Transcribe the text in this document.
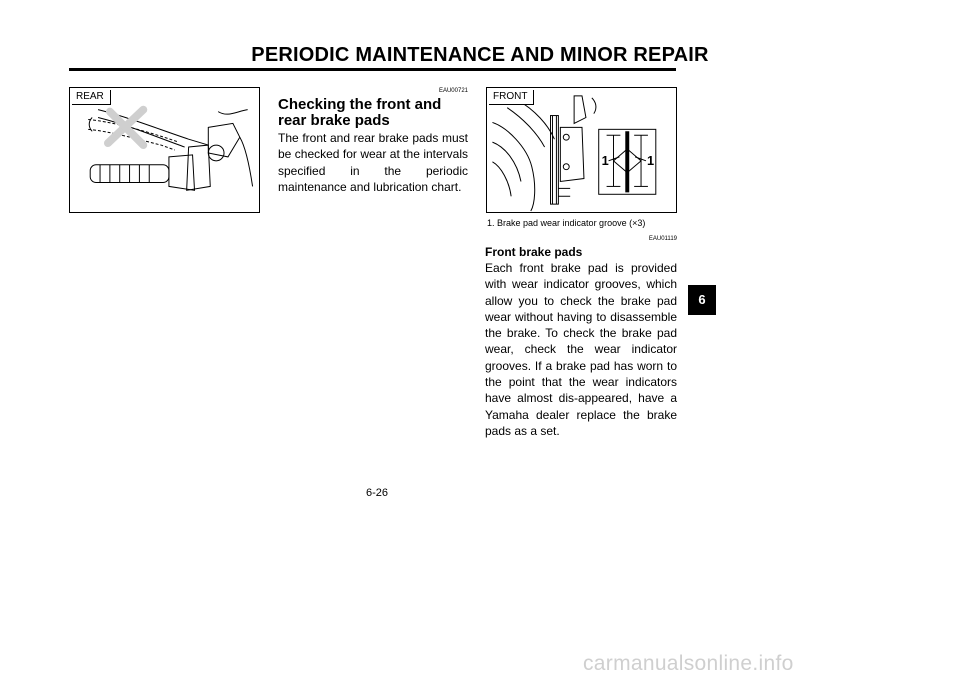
PERIODIC MAINTENANCE AND MINOR REPAIR
REAR	EAU00721
Checking the front and rear brake pads

The front and rear brake pads must be checked for wear at the intervals specified in the periodic maintenance and lubrication chart.

1	1
FRONT

1. Brake pad wear indicator groove (×3)

EAU01119
Front brake pads

Each front brake pad is provided with wear indicator grooves, which allow you to check the brake pad wear without having to disassemble the brake. To check the brake pad wear, check the wear indicator grooves. If a brake pad has worn to the point that the wear indicators have almost dis-appeared, have a Yamaha dealer replace the brake pads as a set.

6-26
6
carmanualsonline.info
